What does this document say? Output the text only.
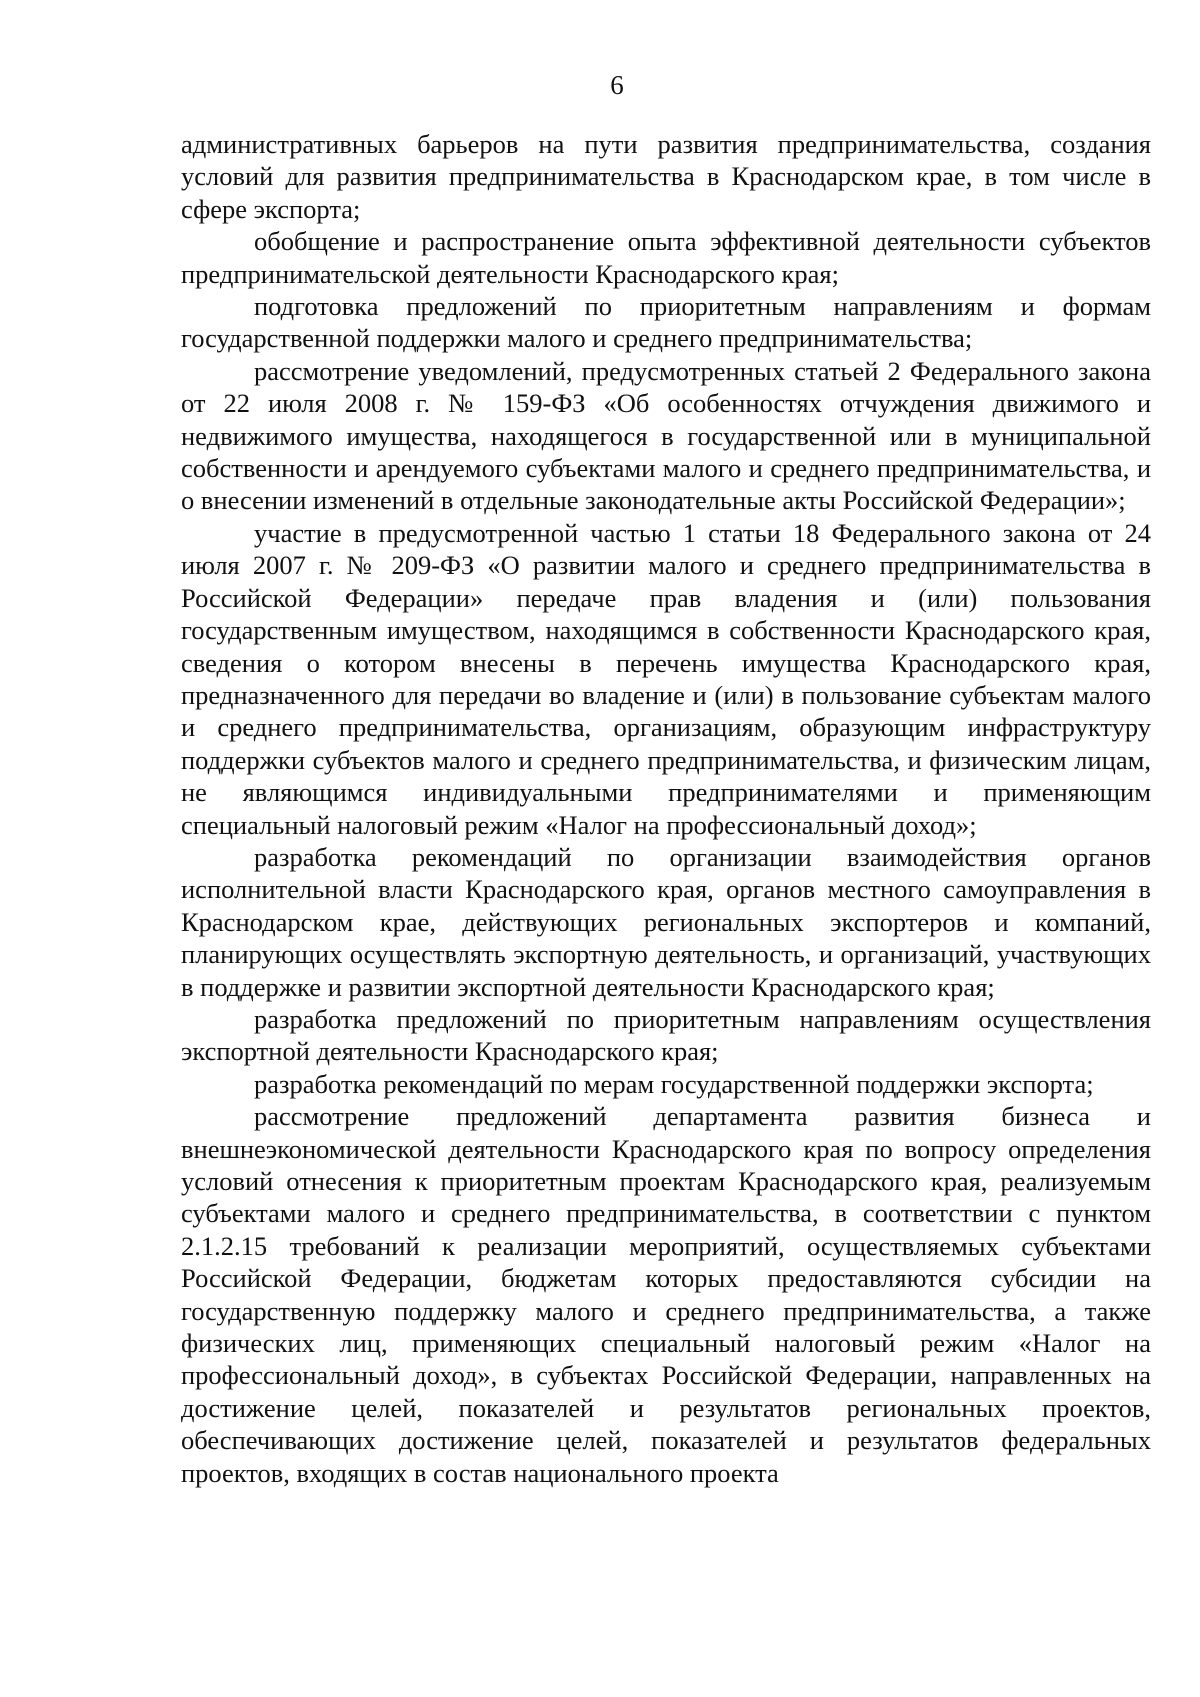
6

административных барьеров на пути развития предпринимательства, создания условий для развития предпринимательства в Краснодарском крае, в том числе в сфере экспорта;

обобщение и распространение опыта эффективной деятельности субъектов предпринимательской деятельности Краснодарского края;

подготовка предложений по приоритетным направлениям и формам государственной поддержки малого и среднего предпринимательства;

рассмотрение уведомлений, предусмотренных статьей 2 Федерального закона от 22 июля 2008 г. № 159-ФЗ «Об особенностях отчуждения движимого и недвижимого имущества, находящегося в государственной или в муниципальной собственности и арендуемого субъектами малого и среднего предпринимательства, и о внесении изменений в отдельные законодательные акты Российской Федерации»;

участие в предусмотренной частью 1 статьи 18 Федерального закона от 24 июля 2007 г. № 209-ФЗ «О развитии малого и среднего предпринимательства в Российской Федерации» передаче прав владения и (или) пользования государственным имуществом, находящимся в собственности Краснодарского края, сведения о котором внесены в перечень имущества Краснодарского края, предназначенного для передачи во владение и (или) в пользование субъектам малого и среднего предпринимательства, организациям, образующим инфраструктуру поддержки субъектов малого и среднего предпринимательства, и физическим лицам, не являющимся индивидуальными предпринимателями и применяющим специальный налоговый режим «Налог на профессиональный доход»;

разработка рекомендаций по организации взаимодействия органов исполнительной власти Краснодарского края, органов местного самоуправления в Краснодарском крае, действующих региональных экспортеров и компаний, планирующих осуществлять экспортную деятельность, и организаций, участвующих в поддержке и развитии экспортной деятельности Краснодарского края;

разработка предложений по приоритетным направлениям осуществления экспортной деятельности Краснодарского края;

разработка рекомендаций по мерам государственной поддержки экспорта;

рассмотрение предложений департамента развития бизнеса и внешнеэкономической деятельности Краснодарского края по вопросу определения условий отнесения к приоритетным проектам Краснодарского края, реализуемым субъектами малого и среднего предпринимательства, в соответствии с пунктом 2.1.2.15 требований к реализации мероприятий, осуществляемых субъектами Российской Федерации, бюджетам которых предоставляются субсидии на государственную поддержку малого и среднего предпринимательства, а также физических лиц, применяющих специальный налоговый режим «Налог на профессиональный доход», в субъектах Российской Федерации, направленных на достижение целей, показателей и результатов региональных проектов, обеспечивающих достижение целей, показателей и результатов федеральных проектов, входящих в состав национального проекта
